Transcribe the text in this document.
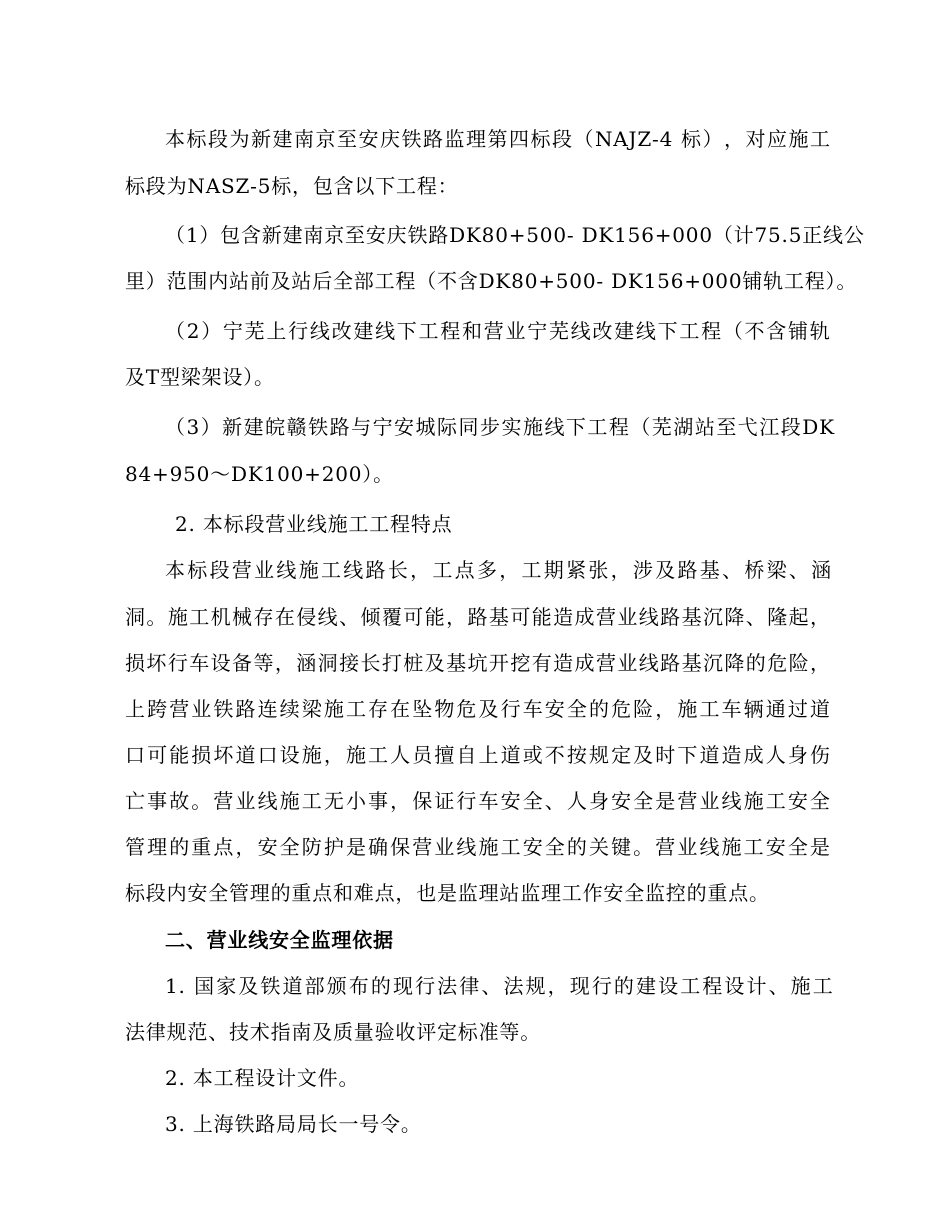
本 标 段 为 新 建 南 京 至 安 庆 铁 路 监 理 第 四 标 段 （ NAJZ-4 标 ） ， 对 应 施 工
标段为NASZ-5标，包含以下工程：
（ 1 ） 包 含 新 建 南 京 至 安 庆 铁 路 DK80+500- DK156+000 （ 计 75.5 正 线 公
里）范围内站前及站后全部工程（不含DK80+500- DK156+000铺轨工程）。
（ 2 ） 宁 芜 上 行 线 改 建 线 下 工 程 和 营 业 宁 芜 线 改 建 线 下 工 程 （ 不 含 铺 轨
及T型梁架设）。
（ 3 ） 新 建 皖 赣 铁 路 与 宁 安 城 际 同 步 实 施 线 下 工 程 （ 芜 湖 站 至 弋 江 段 DK
84+950～DK100+200）。
2. 本标段营业线施工工程特点
本 标 段 营 业 线 施 工 线 路 长 ， 工 点 多 ， 工 期 紧 张 ， 涉 及 路 基 、 桥 梁 、 涵
洞 。 施 工 机 械 存 在 侵 线 、 倾 覆 可 能 ， 路 基 可 能 造 成 营 业 线 路 基 沉 降 、 隆 起 ，
损 坏 行 车 设 备 等 ， 涵 洞 接 长 打 桩 及 基 坑 开 挖 有 造 成 营 业 线 路 基 沉 降 的 危 险 ，
上 跨 营 业 铁 路 连 续 梁 施 工 存 在 坠 物 危 及 行 车 安 全 的 危 险 ， 施 工 车 辆 通 过 道
口 可 能 损 坏 道 口 设 施 ， 施 工 人 员 擅 自 上 道 或 不 按 规 定 及 时 下 道 造 成 人 身 伤
亡 事 故 。 营 业 线 施 工 无 小 事 ， 保 证 行 车 安 全 、 人 身 安 全 是 营 业 线 施 工 安 全
管 理 的 重 点 ， 安 全 防 护 是 确 保 营 业 线 施 工 安 全 的 关 键 。 营 业 线 施 工 安 全 是
标段内安全管理的重点和难点，也是监理站监理工作安全监控的重点。
二、营业线安全监理依据
1. 国 家 及 铁 道 部 颁 布 的 现 行 法 律 、 法 规 ， 现 行 的 建 设 工 程 设 计 、 施 工
法律规范、技术指南及质量验收评定标准等。
2. 本工程设计文件。
3. 上海铁路局局长一号令。
